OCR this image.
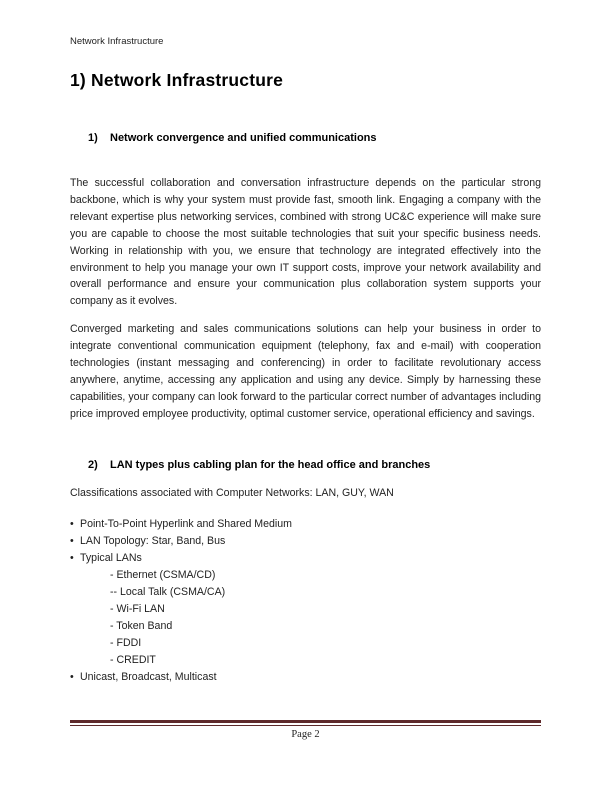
Network Infrastructure
1) Network Infrastructure
1)	Network convergence and unified communications

The successful collaboration and conversation infrastructure depends on the particular strong backbone, which is why your system must provide fast, smooth link. Engaging a company with the relevant expertise plus networking services, combined with strong UC&C experience will make sure you are capable to choose the most suitable technologies that suit your specific business needs. Working in relationship with you, we ensure that technology are integrated effectively into the environment to help you manage your own IT support costs, improve your network availability and overall performance and ensure your communication plus collaboration system supports your company as it evolves.

Converged marketing and sales communications solutions can help your business in order to integrate conventional communication equipment (telephony, fax and e-mail) with cooperation technologies (instant messaging and conferencing) in order to facilitate revolutionary access anywhere, anytime, accessing any application and using any device. Simply by harnessing these capabilities, your company can look forward to the particular correct number of advantages including price improved employee productivity, optimal customer service, operational efficiency and savings.

2)	LAN types plus cabling plan for the head office and branches
Classifications associated with Computer Networks: LAN, GUY, WAN
• Point-To-Point Hyperlink and Shared Medium
• LAN Topology: Star, Band, Bus
• Typical LANs
- Ethernet (CSMA/CD)
-- Local Talk (CSMA/CA)
- Wi-Fi LAN
- Token Band
- FDDI
- CREDIT
• Unicast, Broadcast, Multicast
Page 2
